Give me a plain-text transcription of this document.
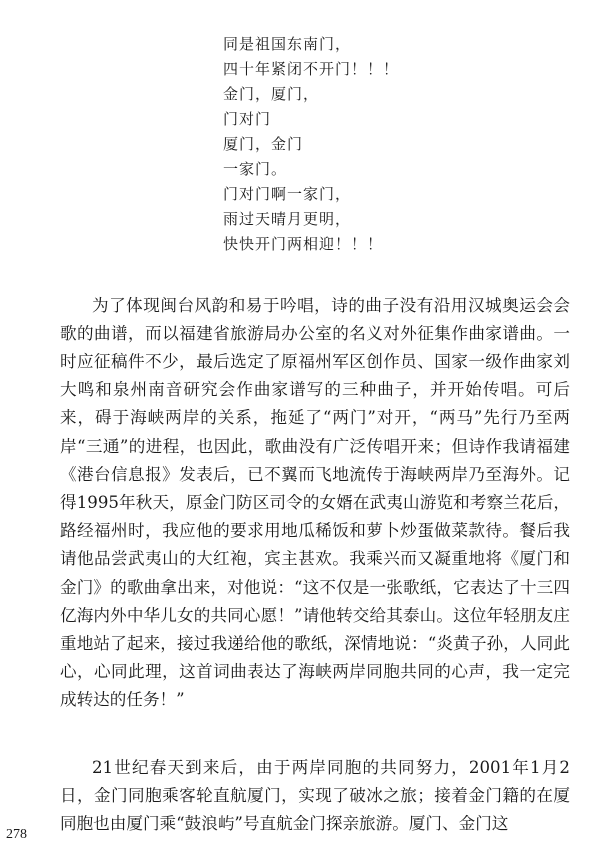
同是祖国东南门，
四十年紧闭不开门！！！
金门，厦门，
门对门
厦门，金门
一家门。
门对门啊一家门，
雨过天晴月更明，
快快开门两相迎！！！

为了体现闽台风韵和易于吟唱，诗的曲子没有沿用汉城奥运会会歌的曲谱，而以福建省旅游局办公室的名义对外征集作曲家谱曲。一时应征稿件不少，最后选定了原福州军区创作员、国家一级作曲家刘大鸣和泉州南音研究会作曲家谱写的三种曲子，并开始传唱。可后来，碍于海峡两岸的关系，拖延了“两门”对开，“两马”先行乃至两岸“三通”的进程，也因此，歌曲没有广泛传唱开来；但诗作我请福建《港台信息报》发表后，已不翼而飞地流传于海峡两岸乃至海外。记得1995年秋天，原金门防区司令的女婿在武夷山游览和考察兰花后，路经福州时，我应他的要求用地瓜稀饭和萝卜炒蛋做菜款待。餐后我请他品尝武夷山的大红袍，宾主甚欢。我乘兴而又凝重地将《厦门和金门》的歌曲拿出来，对他说：“这不仅是一张歌纸，它表达了十三四亿海内外中华儿女的共同心愿！”请他转交给其泰山。这位年轻朋友庄重地站了起来，接过我递给他的歌纸，深情地说：“炎黄子孙，人同此心，心同此理，这首词曲表达了海峡两岸同胞共同的心声，我一定完成转达的任务！”

21世纪春天到来后，由于两岸同胞的共同努力，2001年1月2日，金门同胞乘客轮直航厦门，实现了破冰之旅；接着金门籍的在厦同胞也由厦门乘“鼓浪屿”号直航金门探亲旅游。厦门、金门这

278
